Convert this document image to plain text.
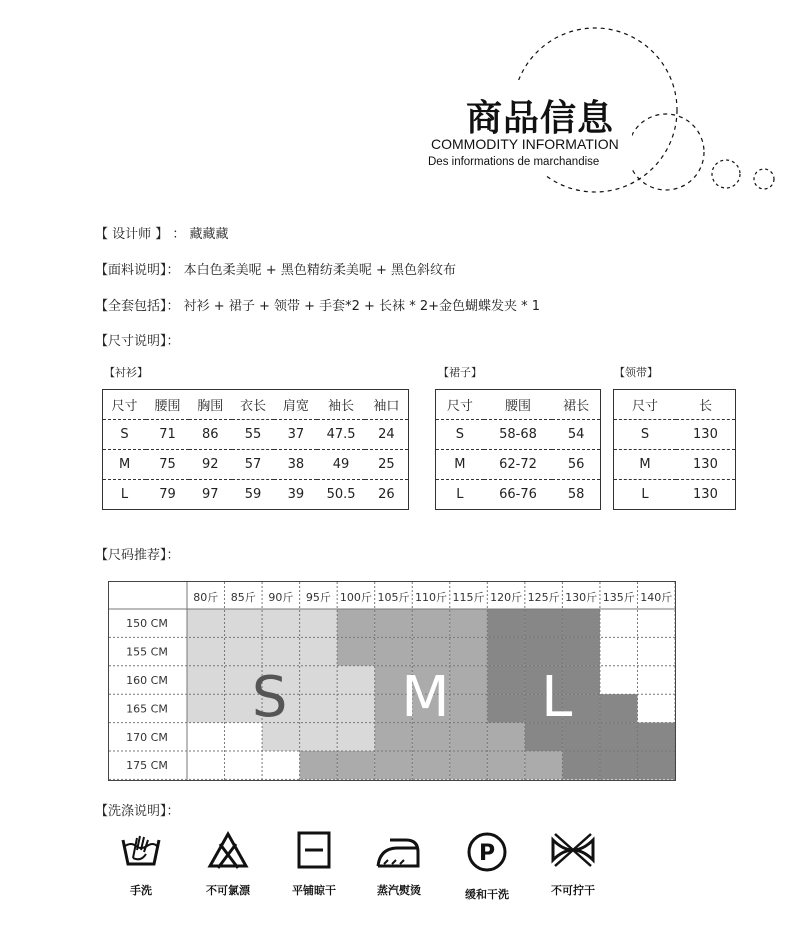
商品信息
COMMODITY INFORMATION
Des informations de marchandise
【 设计师 】 ： 藏藏藏
【面料说明】： 本白色柔美呢 + 黑色精纺柔美呢 + 黑色斜纹布
【全套包括】： 衬衫 + 裙子 + 领带 + 手套*2 + 长袜 * 2+金色蝴蝶发夹 * 1
【尺寸说明】：
【衬衫】	【裙子】	【领带】
尺寸	腰围	胸围	衣长	肩宽	袖长	袖口
S	71	86	55	37	47.5	24
M	75	92	57	38	49	25
L	79	97	59	39	50.5	26
尺寸	腰围	裙长
S	58-68	54
M	62-72	56
L	66-76	58
尺寸	长
S	130
M	130
L	130
【尺码推荐】：
80斤 85斤 90斤 95斤 100斤 105斤 110斤 115斤 120斤 125斤 130斤 135斤 140斤
150 CM
155 CM
160 CM
165 CM
170 CM
175 CM
S M L
【洗涤说明】：
手洗	不可氯漂	平铺晾干	蒸汽熨烫
P
缓和干洗	不可拧干
